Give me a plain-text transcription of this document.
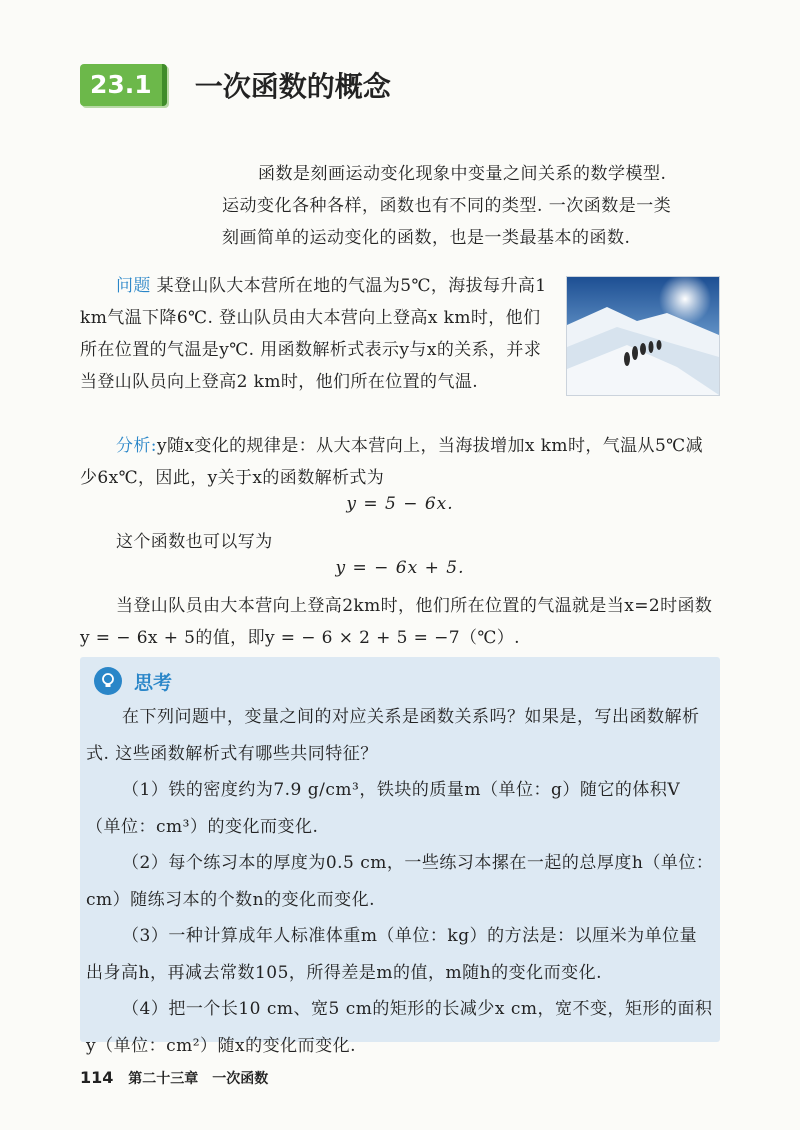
23.1	一次函数的概念

函数是刻画运动变化现象中变量之间关系的数学模型.

运动变化各种各样，函数也有不同的类型. 一次函数是一类

刻画简单的运动变化的函数，也是一类最基本的函数.

问题 某登山队大本营所在地的气温为5℃，海拔每升高1 km气温下降6℃. 登山队员由大本营向上登高x km时，他们所在位置的气温是y℃. 用函数解析式表示y与x的关系，并求当登山队员向上登高2 km时，他们所在位置的气温.

分析:y随x变化的规律是：从大本营向上，当海拔增加x km时，气温从5℃减少6x℃，因此，y关于x的函数解析式为

y = 5 − 6x.

这个函数也可以写为

y = − 6x + 5.

当登山队员由大本营向上登高2km时，他们所在位置的气温就是当x=2时函数y = − 6x + 5的值，即y = − 6 × 2 + 5 = −7（℃）.

思考

在下列问题中，变量之间的对应关系是函数关系吗？如果是，写出函数解析式. 这些函数解析式有哪些共同特征？

（1）铁的密度约为7.9 g/cm³，铁块的质量m（单位：g）随它的体积V（单位：cm³）的变化而变化.

（2）每个练习本的厚度为0.5 cm，一些练习本摞在一起的总厚度h（单位：cm）随练习本的个数n的变化而变化.

（3）一种计算成年人标准体重m（单位：kg）的方法是：以厘米为单位量出身高h，再减去常数105，所得差是m的值，m随h的变化而变化.

（4）把一个长10 cm、宽5 cm的矩形的长减少x cm，宽不变，矩形的面积y（单位：cm²）随x的变化而变化.

114 第二十三章　一次函数
